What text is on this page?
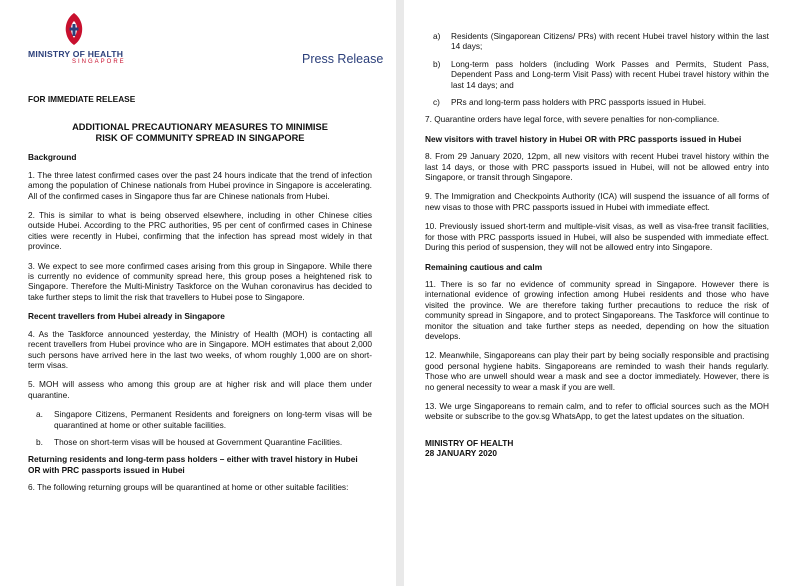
MINISTRY OF HEALTH
SINGAPORE	Press Release
FOR IMMEDIATE RELEASE
ADDITIONAL PRECAUTIONARY MEASURES TO MINIMISE
RISK OF COMMUNITY SPREAD IN SINGAPORE
Background
1. The three latest confirmed cases over the past 24 hours indicate that the trend of infection among the population of Chinese nationals from Hubei province in Singapore is accelerating. All of the confirmed cases in Singapore thus far are Chinese nationals from Hubei.
2. This is similar to what is being observed elsewhere, including in other Chinese cities outside Hubei. According to the PRC authorities, 95 per cent of confirmed cases in Chinese cities were recently in Hubei, confirming that the infection has spread most widely in that province.
3. We expect to see more confirmed cases arising from this group in Singapore. While there is currently no evidence of community spread here, this group poses a heightened risk to Singapore. Therefore the Multi-Ministry Taskforce on the Wuhan coronavirus has decided to take further steps to limit the risk that travellers to Hubei pose to Singapore.
Recent travellers from Hubei already in Singapore
4. As the Taskforce announced yesterday, the Ministry of Health (MOH) is contacting all recent travellers from Hubei province who are in Singapore. MOH estimates that about 2,000 such persons have arrived here in the last two weeks, of whom roughly 1,000 are on short-term visas.
5. MOH will assess who among this group are at higher risk and will place them under quarantine.
a.	Singapore Citizens, Permanent Residents and foreigners on long-term visas will be quarantined at home or other suitable facilities.
b.	Those on short-term visas will be housed at Government Quarantine Facilities.
Returning residents and long-term pass holders – either with travel history in Hubei OR with PRC passports issued in Hubei
6. The following returning groups will be quarantined at home or other suitable facilities:
a)	Residents (Singaporean Citizens/ PRs) with recent Hubei travel history within the last 14 days;
b)	Long-term pass holders (including Work Passes and Permits, Student Pass, Dependent Pass and Long-term Visit Pass) with recent Hubei travel history within the last 14 days; and
c)	PRs and long-term pass holders with PRC passports issued in Hubei.
7. Quarantine orders have legal force, with severe penalties for non-compliance.
New visitors with travel history in Hubei OR with PRC passports issued in Hubei
8. From 29 January 2020, 12pm, all new visitors with recent Hubei travel history within the last 14 days, or those with PRC passports issued in Hubei, will not be allowed entry into Singapore, or transit through Singapore.
9. The Immigration and Checkpoints Authority (ICA) will suspend the issuance of all forms of new visas to those with PRC passports issued in Hubei with immediate effect.
10. Previously issued short-term and multiple-visit visas, as well as visa-free transit facilities, for those with PRC passports issued in Hubei, will also be suspended with immediate effect. During this period of suspension, they will not be allowed entry into Singapore.
Remaining cautious and calm
11. There is so far no evidence of community spread in Singapore. However there is international evidence of growing infection among Hubei residents and those who have visited the province. We are therefore taking further precautions to reduce the risk of community spread in Singapore, and to protect Singaporeans. The Taskforce will continue to monitor the situation and take further steps as needed, depending on how the situation develops.
12. Meanwhile, Singaporeans can play their part by being socially responsible and practising good personal hygiene habits. Singaporeans are reminded to wash their hands regularly. Those who are unwell should wear a mask and see a doctor immediately. However, there is no general necessity to wear a mask if you are well.
13. We urge Singaporeans to remain calm, and to refer to official sources such as the MOH website or subscribe to the gov.sg WhatsApp, to get the latest updates on the situation.
MINISTRY OF HEALTH
28 JANUARY 2020
